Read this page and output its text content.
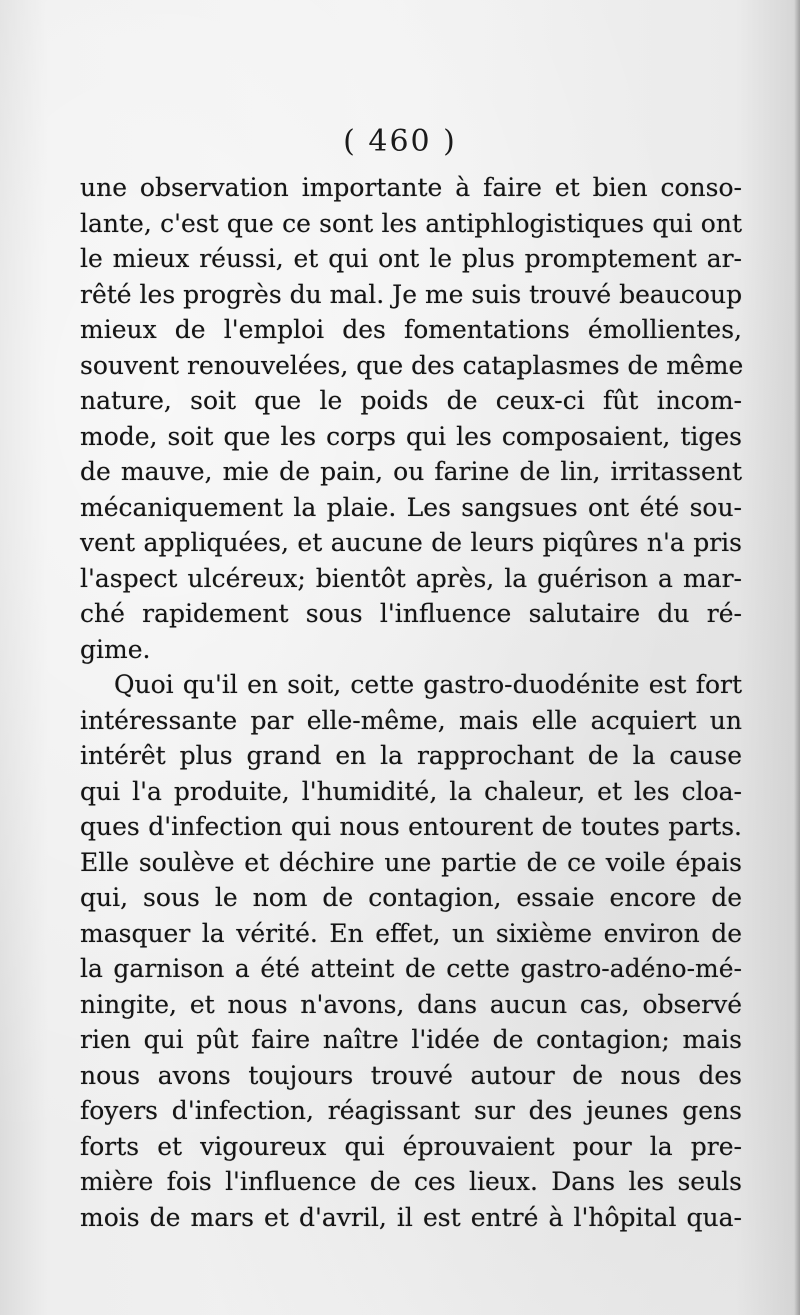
( 460 )
une observation importante à faire et bien conso-
lante, c'est que ce sont les antiphlogistiques qui ont
le mieux réussi, et qui ont le plus promptement ar-
rêté les progrès du mal. Je me suis trouvé beaucoup
mieux de l'emploi des fomentations émollientes,
souvent renouvelées, que des cataplasmes de même
nature, soit que le poids de ceux-ci fût incom-
mode, soit que les corps qui les composaient, tiges
de mauve, mie de pain, ou farine de lin, irritassent
mécaniquement la plaie. Les sangsues ont été sou-
vent appliquées, et aucune de leurs piqûres n'a pris
l'aspect ulcéreux; bientôt après, la guérison a mar-
ché rapidement sous l'influence salutaire du ré-
gime.
Quoi qu'il en soit, cette gastro-duodénite est fort
intéressante par elle-même, mais elle acquiert un
intérêt plus grand en la rapprochant de la cause
qui l'a produite, l'humidité, la chaleur, et les cloa-
ques d'infection qui nous entourent de toutes parts.
Elle soulève et déchire une partie de ce voile épais
qui, sous le nom de contagion, essaie encore de
masquer la vérité. En effet, un sixième environ de
la garnison a été atteint de cette gastro-adéno-mé-
ningite, et nous n'avons, dans aucun cas, observé
rien qui pût faire naître l'idée de contagion; mais
nous avons toujours trouvé autour de nous des
foyers d'infection, réagissant sur des jeunes gens
forts et vigoureux qui éprouvaient pour la pre-
mière fois l'influence de ces lieux. Dans les seuls
mois de mars et d'avril, il est entré à l'hôpital qua-
